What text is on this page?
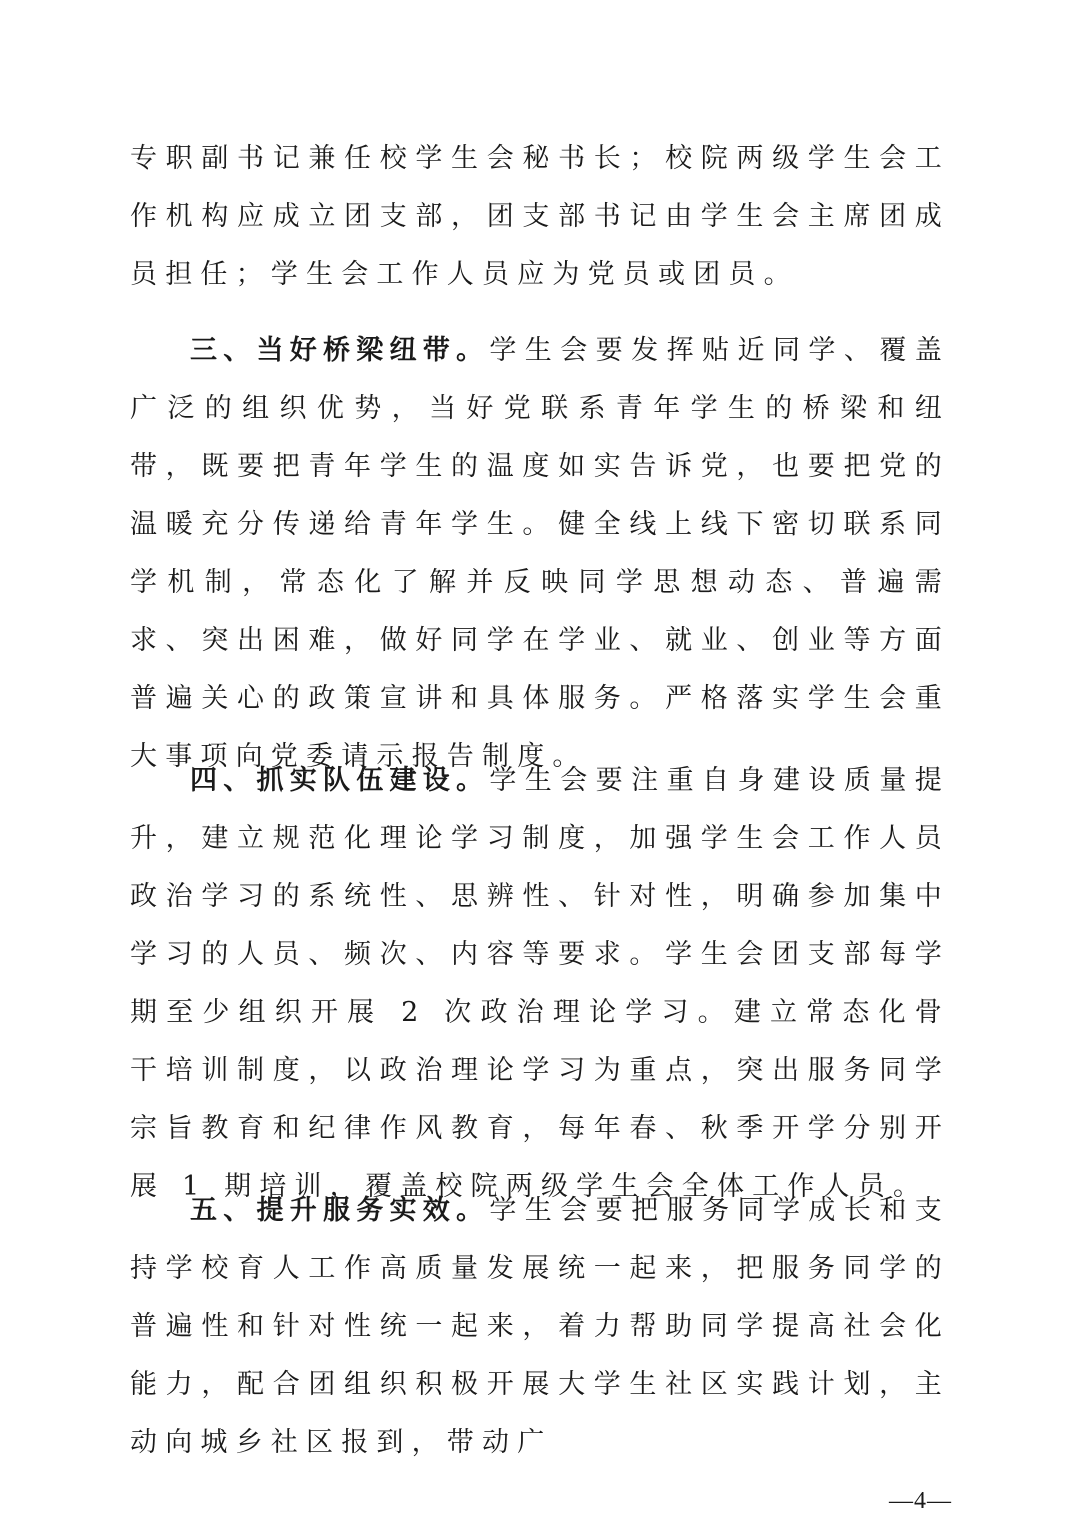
专职副书记兼任校学生会秘书长；校院两级学生会工作机构应成立团支部，团支部书记由学生会主席团成员担任；学生会工作人员应为党员或团员。

三、当好桥梁纽带。学生会要发挥贴近同学、覆盖广泛的组织优势，当好党联系青年学生的桥梁和纽带，既要把青年学生的温度如实告诉党，也要把党的温暖充分传递给青年学生。健全线上线下密切联系同学机制，常态化了解并反映同学思想动态、普遍需求、突出困难，做好同学在学业、就业、创业等方面普遍关心的政策宣讲和具体服务。严格落实学生会重大事项向党委请示报告制度。

四、抓实队伍建设。学生会要注重自身建设质量提升，建立规范化理论学习制度，加强学生会工作人员政治学习的系统性、思辨性、针对性，明确参加集中学习的人员、频次、内容等要求。学生会团支部每学期至少组织开展 2 次政治理论学习。建立常态化骨干培训制度，以政治理论学习为重点，突出服务同学宗旨教育和纪律作风教育，每年春、秋季开学分别开展 1 期培训，覆盖校院两级学生会全体工作人员。

五、提升服务实效。学生会要把服务同学成长和支持学校育人工作高质量发展统一起来，把服务同学的普遍性和针对性统一起来，着力帮助同学提高社会化能力，配合团组织积极开展大学生社区实践计划，主动向城乡社区报到，带动广

—4—
